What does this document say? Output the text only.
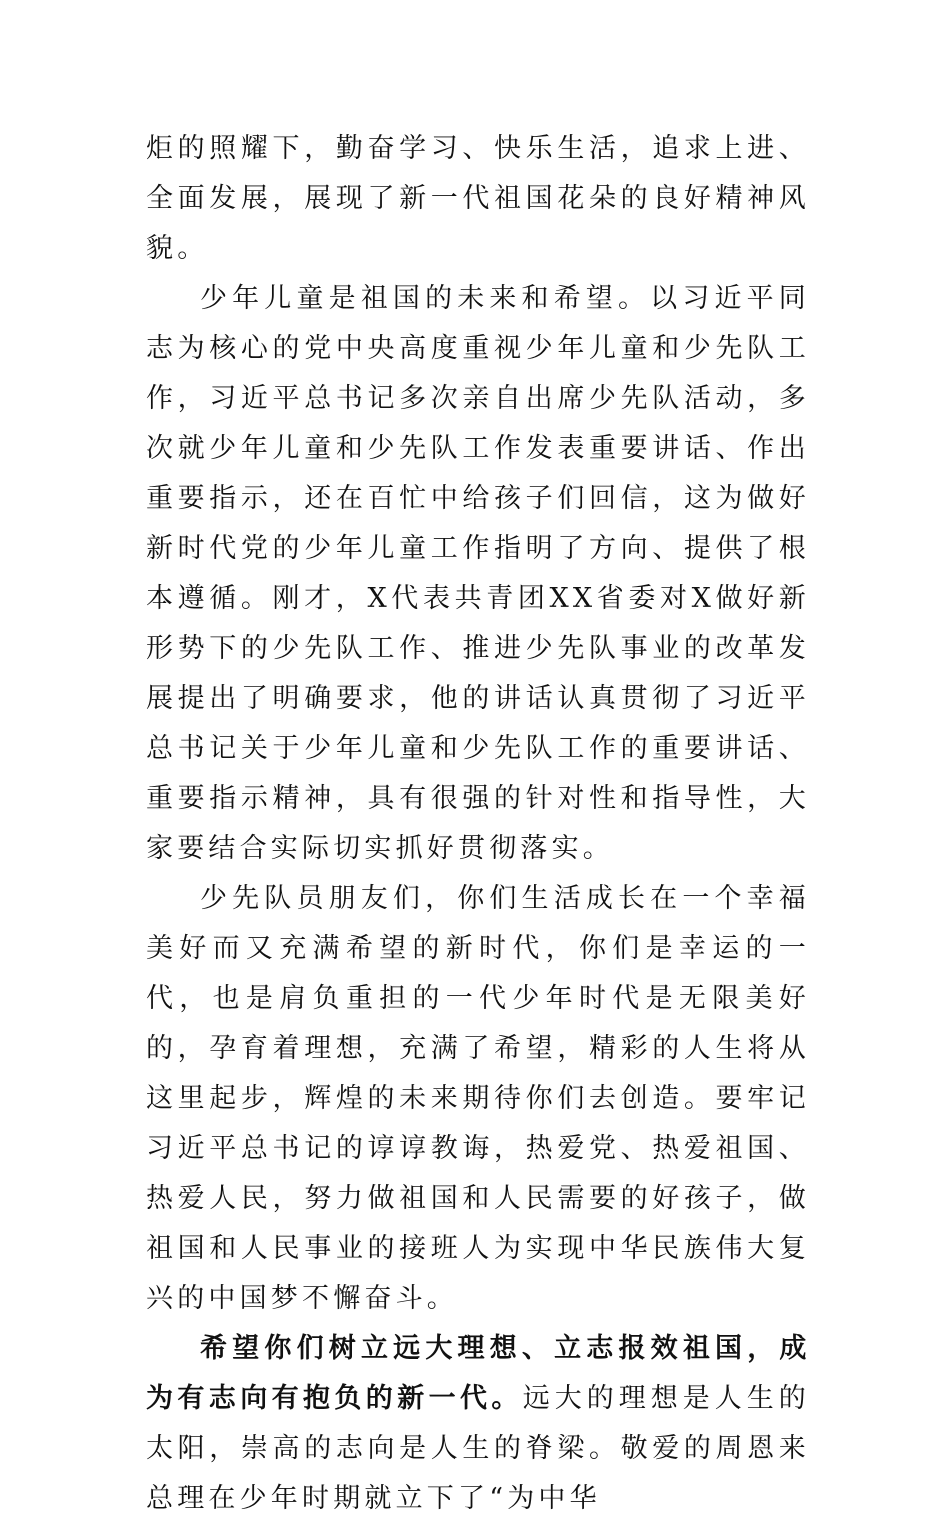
炬的照耀下，勤奋学习、快乐生活，追求上进、全面发展，展现了新一代祖国花朵的良好精神风貌。

少年儿童是祖国的未来和希望。以习近平同志为核心的党中央高度重视少年儿童和少先队工作，习近平总书记多次亲自出席少先队活动，多次就少年儿童和少先队工作发表重要讲话、作出重要指示，还在百忙中给孩子们回信，这为做好新时代党的少年儿童工作指明了方向、提供了根本遵循。刚才，X代表共青团XX省委对X做好新形势下的少先队工作、推进少先队事业的改革发展提出了明确要求，他的讲话认真贯彻了习近平总书记关于少年儿童和少先队工作的重要讲话、重要指示精神，具有很强的针对性和指导性，大家要结合实际切实抓好贯彻落实。

少先队员朋友们，你们生活成长在一个幸福美好而又充满希望的新时代，你们是幸运的一代，也是肩负重担的一代少年时代是无限美好的，孕育着理想，充满了希望，精彩的人生将从这里起步，辉煌的未来期待你们去创造。要牢记习近平总书记的谆谆教诲，热爱党、热爱祖国、热爱人民，努力做祖国和人民需要的好孩子，做祖国和人民事业的接班人为实现中华民族伟大复兴的中国梦不懈奋斗。

希望你们树立远大理想、立志报效祖国，成为有志向有抱负的新一代。远大的理想是人生的太阳，崇高的志向是人生的脊梁。敬爱的周恩来总理在少年时期就立下了“为中华
